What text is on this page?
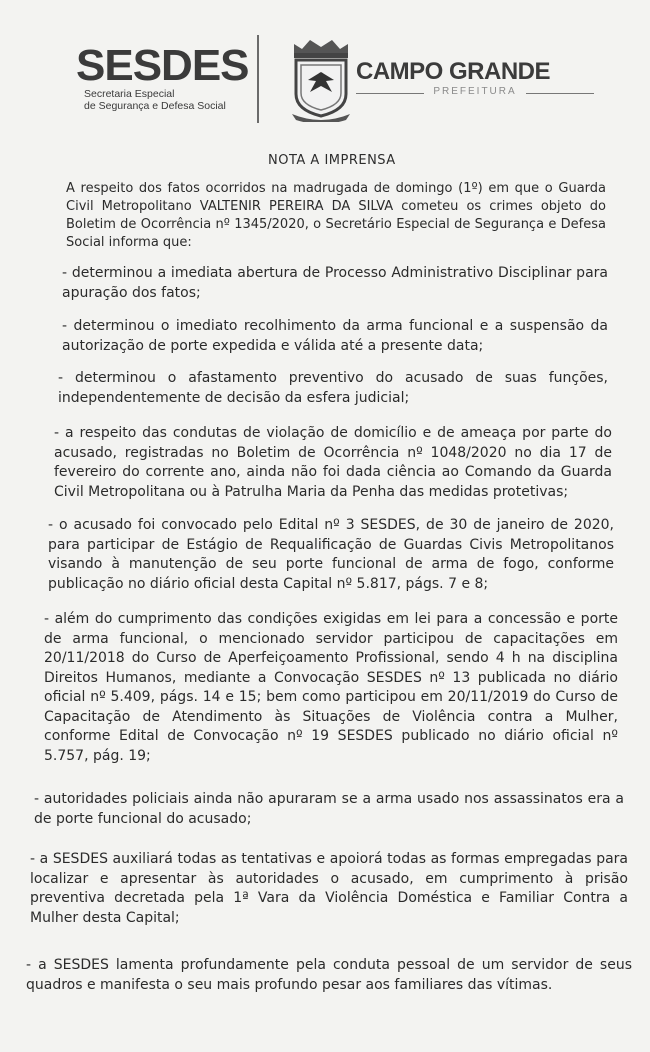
SESDES
Secretaria Especial
de Segurança e Defesa Social
CAMPO GRANDE
PREFEITURA
NOTA A IMPRENSA

A respeito dos fatos ocorridos na madrugada de domingo (1º) em que o Guarda Civil Metropolitano VALTENIR PEREIRA DA SILVA cometeu os crimes objeto do Boletim de Ocorrência nº 1345/2020, o Secretário Especial de Segurança e Defesa Social informa que:

- determinou a imediata abertura de Processo Administrativo Disciplinar para apuração dos fatos;

- determinou o imediato recolhimento da arma funcional e a suspensão da autorização de porte expedida e válida até a presente data;

- determinou o afastamento preventivo do acusado de suas funções, independentemente de decisão da esfera judicial;

- a respeito das condutas de violação de domicílio e de ameaça por parte do acusado, registradas no Boletim de Ocorrência nº 1048/2020 no dia 17 de fevereiro do corrente ano, ainda não foi dada ciência ao Comando da Guarda Civil Metropolitana ou à Patrulha Maria da Penha das medidas protetivas;

- o acusado foi convocado pelo Edital nº 3 SESDES, de 30 de janeiro de 2020, para participar de Estágio de Requalificação de Guardas Civis Metropolitanos visando à manutenção de seu porte funcional de arma de fogo, conforme publicação no diário oficial desta Capital nº 5.817, págs. 7 e 8;

- além do cumprimento das condições exigidas em lei para a concessão e porte de arma funcional, o mencionado servidor participou de capacitações em 20/11/2018 do Curso de Aperfeiçoamento Profissional, sendo 4 h na disciplina Direitos Humanos, mediante a Convocação SESDES nº 13 publicada no diário oficial nº 5.409, págs. 14 e 15; bem como participou em 20/11/2019 do Curso de Capacitação de Atendimento às Situações de Violência contra a Mulher, conforme Edital de Convocação nº 19 SESDES publicado no diário oficial nº 5.757, pág. 19;

- autoridades policiais ainda não apuraram se a arma usado nos assassinatos era a de porte funcional do acusado;

- a SESDES auxiliará todas as tentativas e apoiorá todas as formas empregadas para localizar e apresentar às autoridades o acusado, em cumprimento à prisão preventiva decretada pela 1ª Vara da Violência Doméstica e Familiar Contra a Mulher desta Capital;

- a SESDES lamenta profundamente pela conduta pessoal de um servidor de seus quadros e manifesta o seu mais profundo pesar aos familiares das vítimas.
